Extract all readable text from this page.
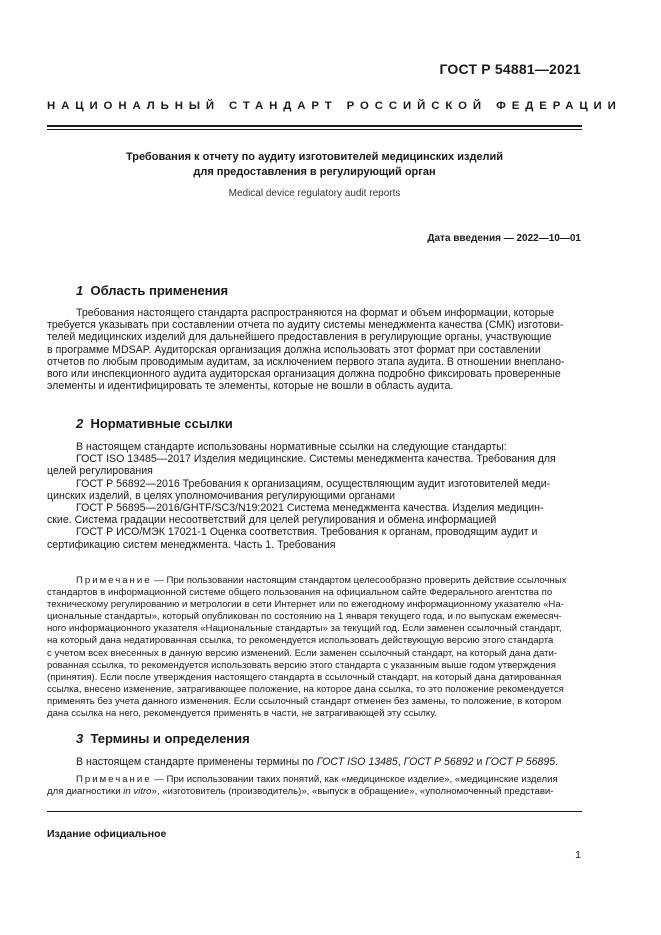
ГОСТ Р 54881—2021
НАЦИОНАЛЬНЫЙ СТАНДАРТ РОССИЙСКОЙ ФЕДЕРАЦИИ
Требования к отчету по аудиту изготовителей медицинских изделий
для предоставления в регулирующий орган
Medical device regulatory audit reports
Дата введения — 2022—10—01
1 Область применения
Требования настоящего стандарта распространяются на формат и объем информации, которые
требуется указывать при составлении отчета по аудиту системы менеджмента качества (СМК) изготови-
телей медицинских изделий для дальнейшего предоставления в регулирующие органы, участвующие
в программе MDSAP. Аудиторская организация должна использовать этот формат при составлении
отчетов по любым проводимым аудитам, за исключением первого этапа аудита. В отношении внеплано-
вого или инспекционного аудита аудиторская организация должна подробно фиксировать проверенные
элементы и идентифицировать те элементы, которые не вошли в область аудита.
2 Нормативные ссылки
В настоящем стандарте использованы нормативные ссылки на следующие стандарты:
ГОСТ ISO 13485—2017 Изделия медицинские. Системы менеджмента качества. Требования для
целей регулирования
ГОСТ Р 56892—2016 Требования к организациям, осуществляющим аудит изготовителей меди-
цинских изделий, в целях уполномочивания регулирующими органами
ГОСТ Р 56895—2016/GHTF/SC3/N19:2021 Система менеджмента качества. Изделия медицин-
ские. Система градации несоответствий для целей регулирования и обмена информацией
ГОСТ Р ИСО/МЭК 17021-1 Оценка соответствия. Требования к органам, проводящим аудит и
сертификацию систем менеджмента. Часть 1. Требования
Примечание — При пользовании настоящим стандартом целесообразно проверить действие ссылочных
стандартов в информационной системе общего пользования на официальном сайте Федерального агентства по
техническому регулированию и метрологии в сети Интернет или по ежегодному информационному указателю «На-
циональные стандарты», который опубликован по состоянию на 1 января текущего года, и по выпускам ежемесяч-
ного информационного указателя «Национальные стандарты» за текущий год. Если заменен ссылочный стандарт,
на который дана недатированная ссылка, то рекомендуется использовать действующую версию этого стандарта
с учетом всех внесенных в данную версию изменений. Если заменен ссылочный стандарт, на который дана дати-
рованная ссылка, то рекомендуется использовать версию этого стандарта с указанным выше годом утверждения
(принятия). Если после утверждения настоящего стандарта в ссылочный стандарт, на который дана датированная
ссылка, внесено изменение, затрагивающее положение, на которое дана ссылка, то это положение рекомендуется
применять без учета данного изменения. Если ссылочный стандарт отменен без замены, то положение, в котором
дана ссылка на него, рекомендуется применять в части, не затрагивающей эту ссылку.
3 Термины и определения
В настоящем стандарте применены термины по ГОСТ ISO 13485, ГОСТ Р 56892 и ГОСТ Р 56895.
Примечание — При использовании таких понятий, как «медицинское изделие», «медицинские изделия
для диагностики in vitro», «изготовитель (производитель)», «выпуск в обращение», «уполномоченный представи-
Издание официальное
1
